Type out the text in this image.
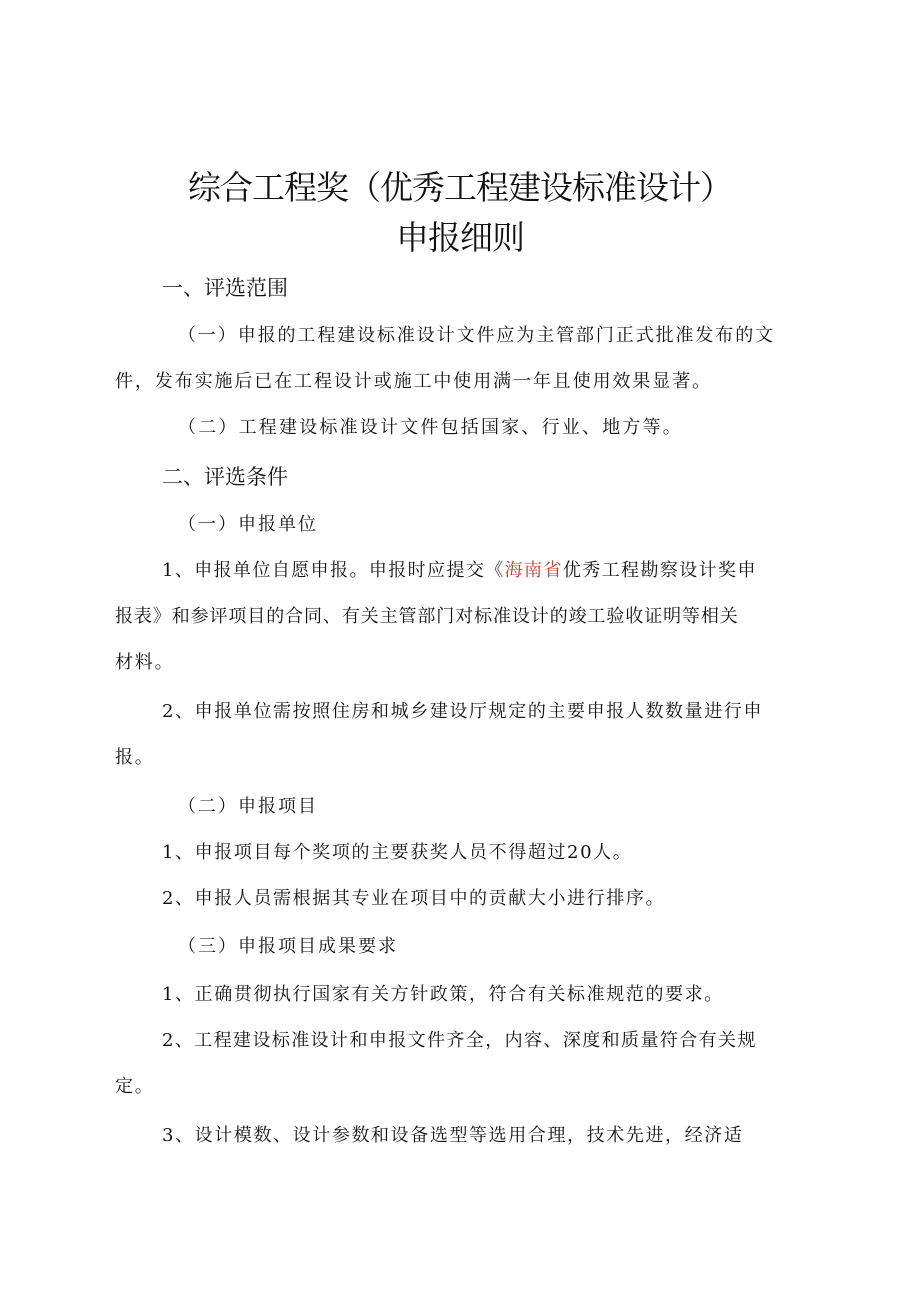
综合工程奖（优秀工程建设标准设计）
申报细则
一、评选范围
（一）申报的工程建设标准设计文件应为主管部门正式批准发布的文
件，发布实施后已在工程设计或施工中使用满一年且使用效果显著。
（二）工程建设标准设计文件包括国家、行业、地方等。
二、评选条件
（一）申报单位
1、申报单位自愿申报。申报时应提交《海南省优秀工程勘察设计奖申
报表》和参评项目的合同、有关主管部门对标准设计的竣工验收证明等相关
材料。
2、申报单位需按照住房和城乡建设厅规定的主要申报人数数量进行申
报。
（二）申报项目
1、申报项目每个奖项的主要获奖人员不得超过20人。
2、申报人员需根据其专业在项目中的贡献大小进行排序。
（三）申报项目成果要求
1、正确贯彻执行国家有关方针政策，符合有关标准规范的要求。
2、工程建设标准设计和申报文件齐全，内容、深度和质量符合有关规
定。
3、设计模数、设计参数和设备选型等选用合理，技术先进，经济适
